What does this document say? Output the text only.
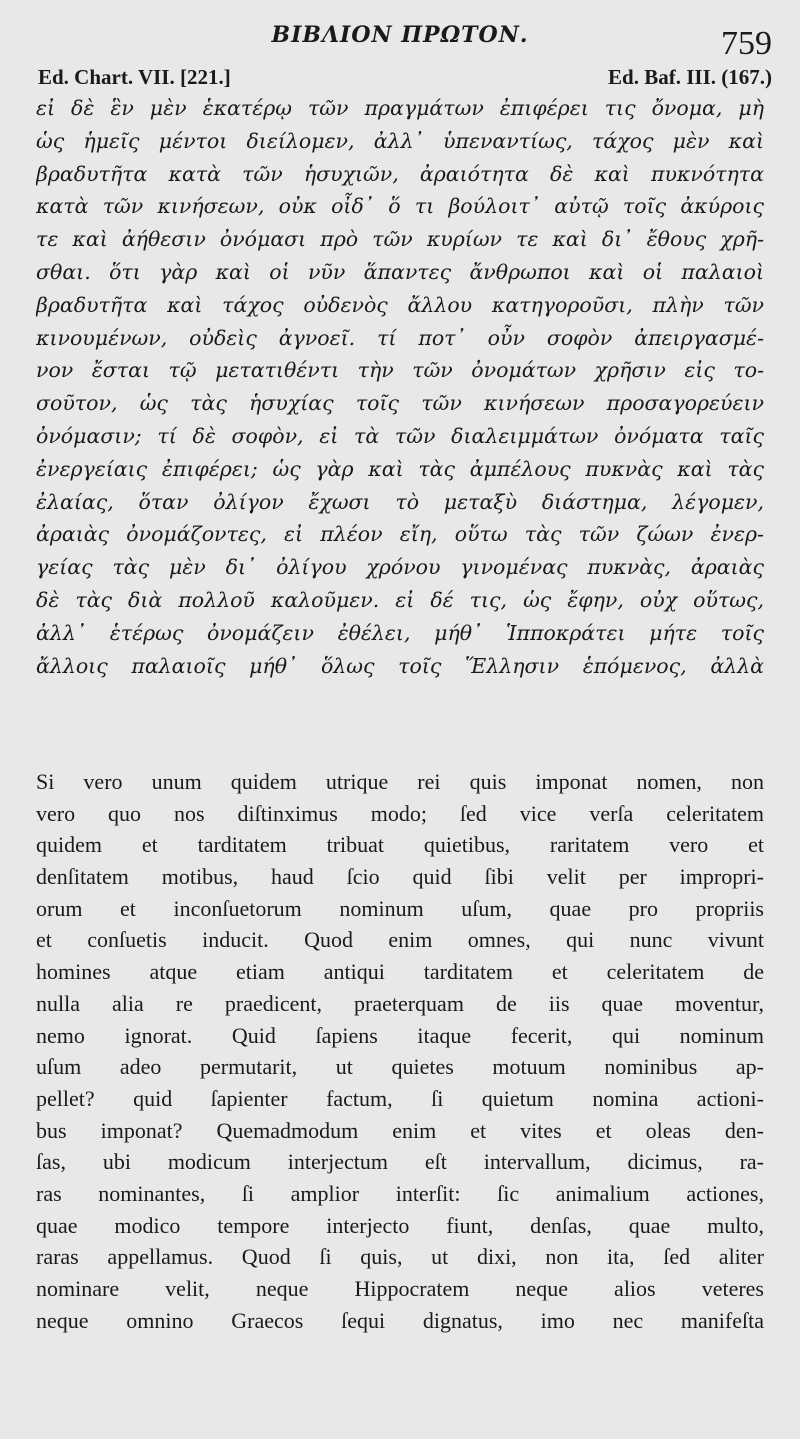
ΒΙΒΛΙΟΝ ΠΡΩΤΟΝ.	759
Ed. Chart. VII. [221.]	Ed. Baf. III. (167.)
εἰ δὲ ἓν μὲν ἑκατέρῳ τῶν πραγμάτων ἐπιφέρει τις ὄνομα, μὴ
ὡς ἡμεῖς μέντοι διείλομεν, ἀλλ᾽ ὑπεναντίως, τάχος μὲν καὶ
βραδυτῆτα κατὰ τῶν ἡσυχιῶν, ἀραιότητα δὲ καὶ πυκνότητα
κατὰ τῶν κινήσεων, οὐκ οἶδ᾽ ὅ τι βούλοιτ᾽ αὐτῷ τοῖς ἀκύροις
τε καὶ ἀήθεσιν ὀνόμασι πρὸ τῶν κυρίων τε καὶ δι᾽ ἔθους χρῆ-
σθαι. ὅτι γὰρ καὶ οἱ νῦν ἅπαντες ἄνθρωποι καὶ οἱ παλαιοὶ
βραδυτῆτα καὶ τάχος οὐδενὸς ἄλλου κατηγοροῦσι, πλὴν τῶν
κινουμένων, οὐδεὶς ἀγνοεῖ. τί ποτ᾽ οὖν σοφὸν ἀπειργασμέ-
νον ἔσται τῷ μετατιθέντι τὴν τῶν ὀνομάτων χρῆσιν εἰς το-
σοῦτον, ὡς τὰς ἡσυχίας τοῖς τῶν κινήσεων προσαγορεύειν
ὀνόμασιν; τί δὲ σοφὸν, εἰ τὰ τῶν διαλειμμάτων ὀνόματα ταῖς
ἐνεργείαις ἐπιφέρει; ὡς γὰρ καὶ τὰς ἀμπέλους πυκνὰς καὶ τὰς
ἐλαίας, ὅταν ὀλίγον ἔχωσι τὸ μεταξὺ διάστημα, λέγομεν,
ἀραιὰς ὀνομάζοντες, εἰ πλέον εἴη, οὕτω τὰς τῶν ζώων ἐνερ-
γείας τὰς μὲν δι᾽ ὀλίγου χρόνου γινομένας πυκνὰς, ἀραιὰς
δὲ τὰς διὰ πολλοῦ καλοῦμεν. εἰ δέ τις, ὡς ἔφην, οὐχ οὕτως,
ἀλλ᾽ ἑτέρως ὀνομάζειν ἐθέλει, μήθ᾽ Ἱπποκράτει μήτε τοῖς
ἄλλοις παλαιοῖς μήθ᾽ ὅλως τοῖς Ἕλλησιν ἑπόμενος, ἀλλὰ
Si vero unum quidem utrique rei quis imponat nomen, non
vero quo nos diſtinximus modo; ſed vice verſa celeritatem
quidem et tarditatem tribuat quietibus, raritatem vero et
denſitatem motibus, haud ſcio quid ſibi velit per impropri-
orum et inconſuetorum nominum uſum, quae pro propriis
et conſuetis inducit. Quod enim omnes, qui nunc vivunt
homines atque etiam antiqui tarditatem et celeritatem de
nulla alia re praedicent, praeterquam de iis quae moventur,
nemo ignorat. Quid ſapiens itaque fecerit, qui nominum
uſum adeo permutarit, ut quietes motuum nominibus ap-
pellet? quid ſapienter factum, ſi quietum nomina actioni-
bus imponat? Quemadmodum enim et vites et oleas den-
ſas, ubi modicum interjectum eſt intervallum, dicimus, ra-
ras nominantes, ſi amplior interſit: ſic animalium actiones,
quae modico tempore interjecto fiunt, denſas, quae multo,
raras appellamus. Quod ſi quis, ut dixi, non ita, ſed aliter
nominare velit, neque Hippocratem neque alios veteres
neque omnino Graecos ſequi dignatus, imo nec manifeſta
